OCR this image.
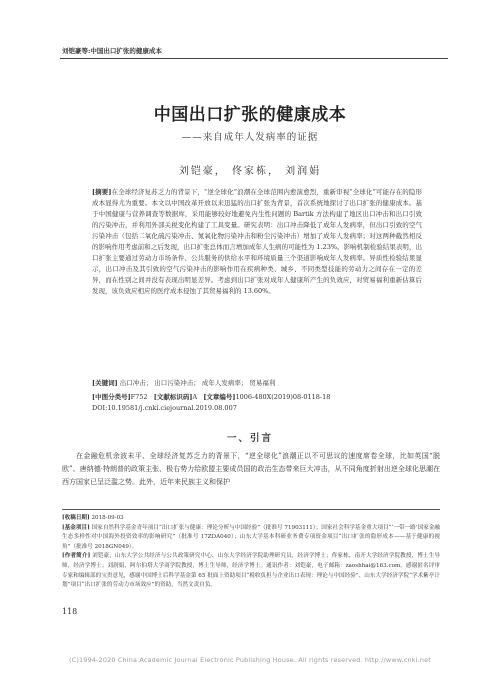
刘铠豪等:中国出口扩张的健康成本
中国出口扩张的健康成本
——来自成年人发病率的证据
刘铠豪， 佟家栋， 刘润娟
[摘要]在全球经济复苏乏力的背景下，“逆全球化”浪潮在全球范围内愈演愈烈，重新审视“全球化”可能存在的隐形成本显得尤为重要。本文以中国改革开放以来迅猛的出口扩张为背景，首次系统地探讨了出口扩张的健康成本。基于中国健康与营养调查等数据库，采用能够较好地避免内生性问题的 Bartik 方法构建了地区出口冲击和出口引致的污染冲击，并利用外部关税变化构建了工具变量。研究表明：出口冲击降低了成年人发病率，但出口引致的空气污染冲击（包括二氧化硫污染冲击、氮氧化物污染冲击和粉尘污染冲击）增加了成年人发病率；对这两种截然相反的影响作用考虑前和之后发现，出口扩张总体而言增加成年人生病的可能性为 1.23%。影响机制检验结果表明，出口扩张主要通过劳动力市场条件、公共服务的供给水平和环境质量三个渠道影响成年人发病率。异质性检验结果显示，出口冲击及其引致的空气污染冲击的影响作用在疾病种类、城乡、不同类型技能的劳动力之间存在一定的差异，而在性别之间并没有表现出明显差异。考虑到出口扩张对成年人健康所产生的负效应，对贸易福利重新估算后发现，该负效应相应的医疗成本侵蚀了其贸易福利的 13.60%。
[关键词] 出口冲击； 出口污染冲击； 成年人发病率； 贸易福利
[中图分类号]F752 [文献标识码]A [文章编号]1006-480X(2019)08-0118-18
DOI:10.19581/j.cnki.ciejournal.2019.08.007
一、引言
在金融危机余波未平、全球经济复苏乏力的背景下，“逆全球化”浪潮正以不可思议的速度席卷全球，比如英国“脱欧”、唐纳德·特朗普的政策主张、极右势力给欧盟主要成员国的政治生态带来巨大冲击，从不同角度折射出逆全球化思潮在西方国家已呈泛滥之势。此外，近年来民族主义和保护

[收稿日期] 2018-09-03

[基金项目] 国家自然科学基金青年项目“出口扩张与健康：理论分析与中国经验”（批准号 71903111）；国家社会科学基金重大项目“‘一带一路’国家金融生态多样性对中国海外投资效率的影响研究”（批准号 17ZDA040）；山东大学基本科研业务费专项资金项目“出口扩张的隐形成本——基于健康的视角”（批准号 2018GN049）。

[作者简介] 刘铠豪，山东大学公共经济与公共政策研究中心、山东大学经济学院助理研究员，经济学博士；佟家栋，南开大学经济学院教授，博士生导师，经济学博士；刘润娟，阿尔伯塔大学商学院教授，博士生导师，经济学博士。通讯作者：刘铠豪，电子邮箱：zaoshhai@163.com。感谢匿名评审专家和编辑部的宝贵意见，感谢中国博士后科学基金第 65 批面上资助项目“税收负担与企业出口表现：理论与中国经验”、山东大学经济学院“学术紫亭计划”项目“出口扩张的劳动力市场效应”的资助，当然文责自负。

118
(C)1994-2020 China Academic Journal Electronic Publishing House. All rights reserved. http://www.cnki.net
